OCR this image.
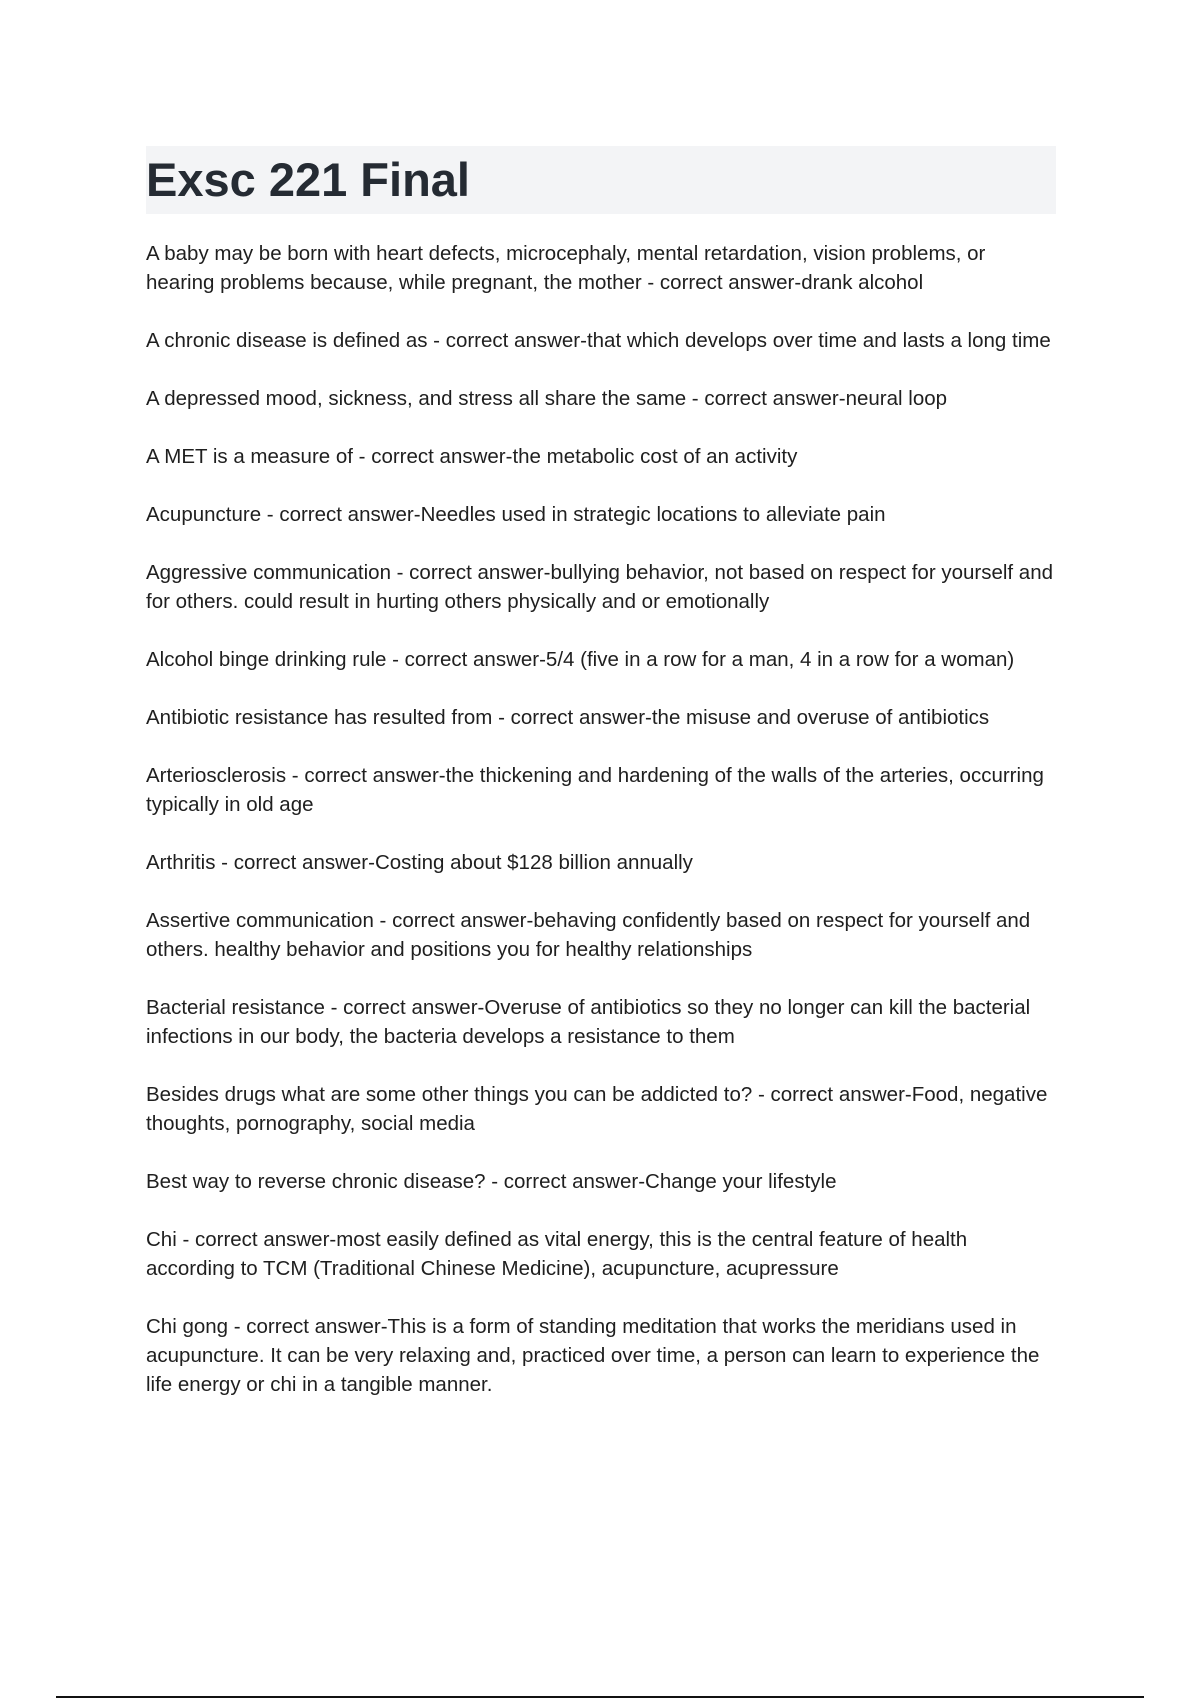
Exsc 221 Final

A baby may be born with heart defects, microcephaly, mental retardation, vision problems, or hearing problems because, while pregnant, the mother - correct answer-drank alcohol

A chronic disease is defined as - correct answer-that which develops over time and lasts a long time

A depressed mood, sickness, and stress all share the same - correct answer-neural loop

A MET is a measure of - correct answer-the metabolic cost of an activity

Acupuncture - correct answer-Needles used in strategic locations to alleviate pain

Aggressive communication - correct answer-bullying behavior, not based on respect for yourself and for others. could result in hurting others physically and or emotionally

Alcohol binge drinking rule - correct answer-5/4 (five in a row for a man, 4 in a row for a woman)

Antibiotic resistance has resulted from - correct answer-the misuse and overuse of antibiotics

Arteriosclerosis - correct answer-the thickening and hardening of the walls of the arteries, occurring typically in old age

Arthritis - correct answer-Costing about $128 billion annually

Assertive communication - correct answer-behaving confidently based on respect for yourself and others. healthy behavior and positions you for healthy relationships

Bacterial resistance - correct answer-Overuse of antibiotics so they no longer can kill the bacterial infections in our body, the bacteria develops a resistance to them

Besides drugs what are some other things you can be addicted to? - correct answer-Food, negative thoughts, pornography, social media

Best way to reverse chronic disease? - correct answer-Change your lifestyle

Chi - correct answer-most easily defined as vital energy, this is the central feature of health according to TCM (Traditional Chinese Medicine), acupuncture, acupressure

Chi gong - correct answer-This is a form of standing meditation that works the meridians used in acupuncture. It can be very relaxing and, practiced over time, a person can learn to experience the life energy or chi in a tangible manner.
